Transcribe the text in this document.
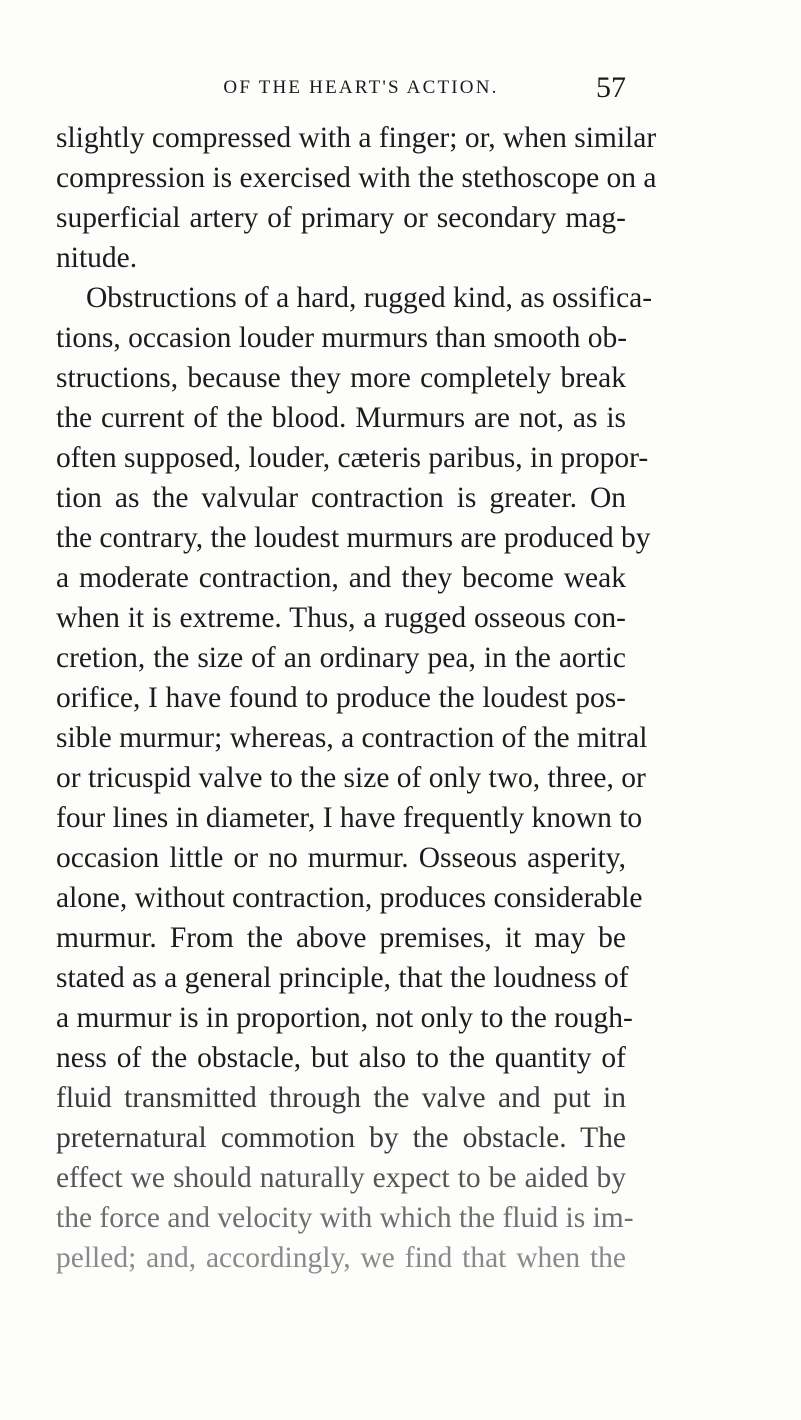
OF THE HEART'S ACTION.	57
slightly compressed with a finger; or, when similar
compression is exercised with the stethoscope on a
superficial artery of primary or secondary mag-
nitude.
Obstructions of a hard, rugged kind, as ossifica-
tions, occasion louder murmurs than smooth ob-
structions, because they more completely break
the current of the blood. Murmurs are not, as is
often supposed, louder, cæteris paribus, in propor-
tion as the valvular contraction is greater. On
the contrary, the loudest murmurs are produced by
a moderate contraction, and they become weak
when it is extreme. Thus, a rugged osseous con-
cretion, the size of an ordinary pea, in the aortic
orifice, I have found to produce the loudest pos-
sible murmur; whereas, a contraction of the mitral
or tricuspid valve to the size of only two, three, or
four lines in diameter, I have frequently known to
occasion little or no murmur. Osseous asperity,
alone, without contraction, produces considerable
murmur. From the above premises, it may be
stated as a general principle, that the loudness of
a murmur is in proportion, not only to the rough-
ness of the obstacle, but also to the quantity of
fluid transmitted through the valve and put in
preternatural commotion by the obstacle. The
effect we should naturally expect to be aided by
the force and velocity with which the fluid is im-
pelled; and, accordingly, we find that when the
